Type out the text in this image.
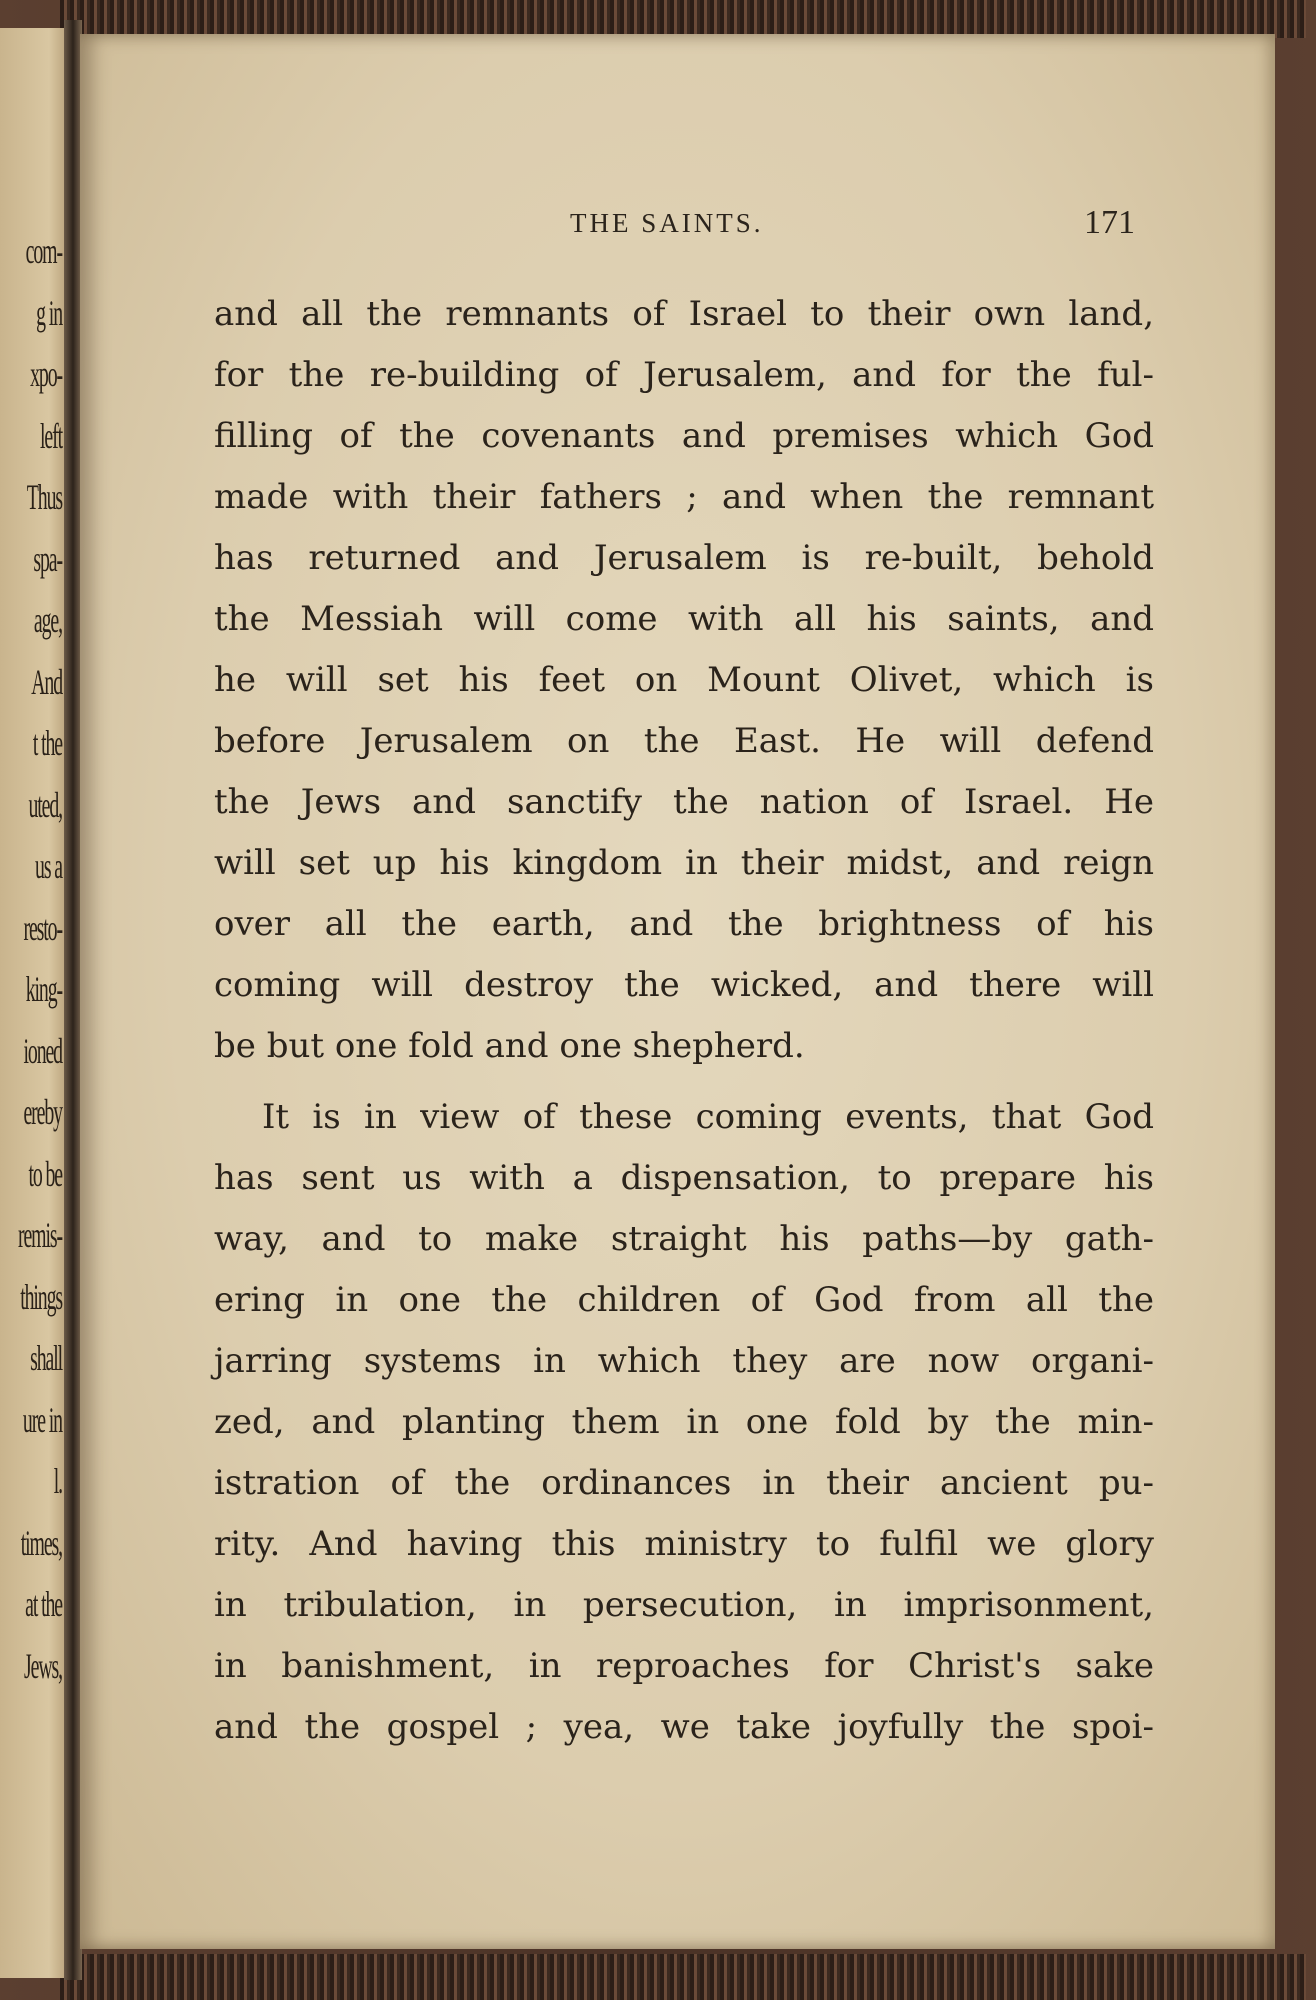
com-
g in
xpo-
left
Thus
spa-
age,
And
t the
uted,
us a
resto-
king-
ioned
ereby
to be
remis-
things
shall
ure in
l.
times,
at the
Jews,
THE SAINTS.	171

and all the remnants of Israel to their own land,
for the re-building of Jerusalem, and for the ful-
filling of the covenants and premises which God
made with their fathers ; and when the remnant
has returned and Jerusalem is re-built, behold
the Messiah will come with all his saints, and
he will set his feet on Mount Olivet, which is
before Jerusalem on the East. He will defend
the Jews and sanctify the nation of Israel. He
will set up his kingdom in their midst, and reign
over all the earth, and the brightness of his
coming will destroy the wicked, and there will
be but one fold and one shepherd.

It is in view of these coming events, that God
has sent us with a dispensation, to prepare his
way, and to make straight his paths—by gath-
ering in one the children of God from all the
jarring systems in which they are now organi-
zed, and planting them in one fold by the min-
istration of the ordinances in their ancient pu-
rity. And having this ministry to fulfil we glory
in tribulation, in persecution, in imprisonment,
in banishment, in reproaches for Christ's sake
and the gospel ; yea, we take joyfully the spoi-
